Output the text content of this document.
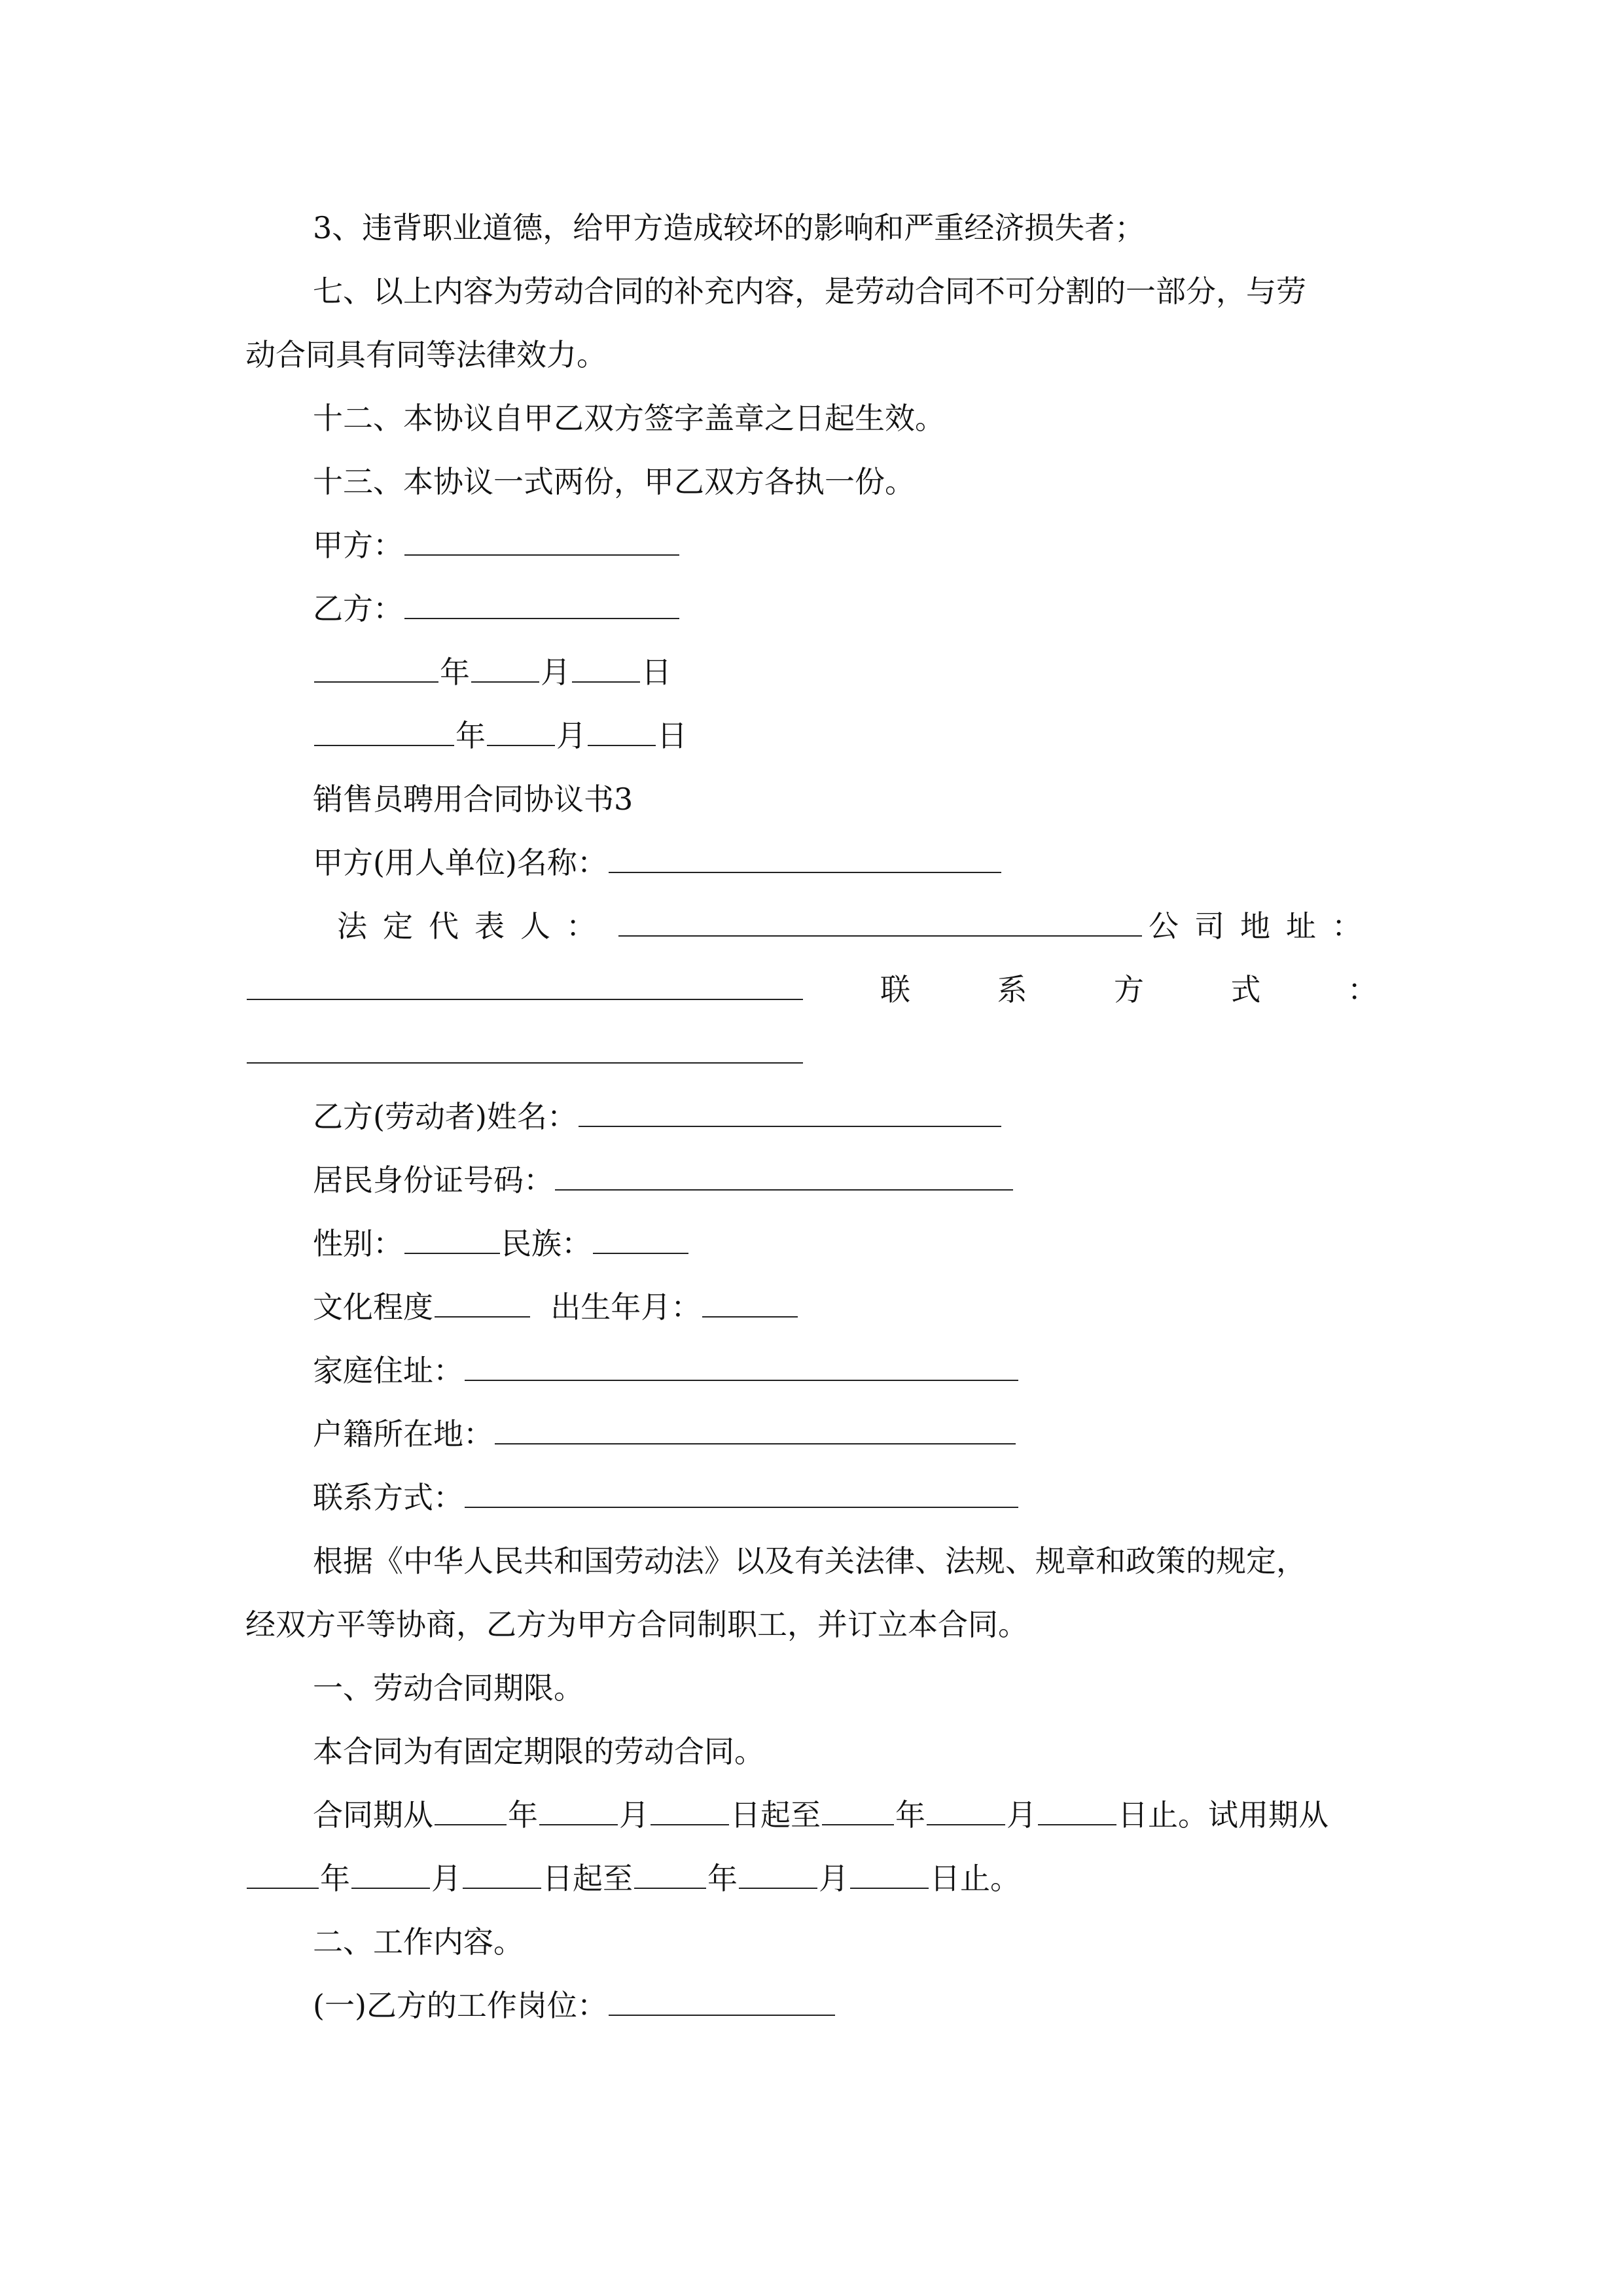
3、违背职业道德，给甲方造成较坏的影响和严重经济损失者；
七、以上内容为劳动合同的补充内容，是劳动合同不可分割的一部分，与劳
动合同具有同等法律效力。
十二、本协议自甲乙双方签字盖章之日起生效。
十三、本协议一式两份，甲乙双方各执一份。
甲方：
乙方：
年 月 日
年 月 日
销售员聘用合同协议书3
甲方(用人单位)名称：
法定代表人：	公司地址：
联	系	方	式	：
乙方(劳动者)姓名：
居民身份证号码：
性别：	民族：
文化程度	出生年月：
家庭住址：
户籍所在地：
联系方式：
根据《中华人民共和国劳动法》以及有关法律、法规、规章和政策的规定，
经双方平等协商，乙方为甲方合同制职工，并订立本合同。
一、劳动合同期限。
本合同为有固定期限的劳动合同。
合同期从 年	月	日起至 年	月	日止。试用期从
年	月	日起至 年	月	日止。
二、工作内容。
(一)乙方的工作岗位：
